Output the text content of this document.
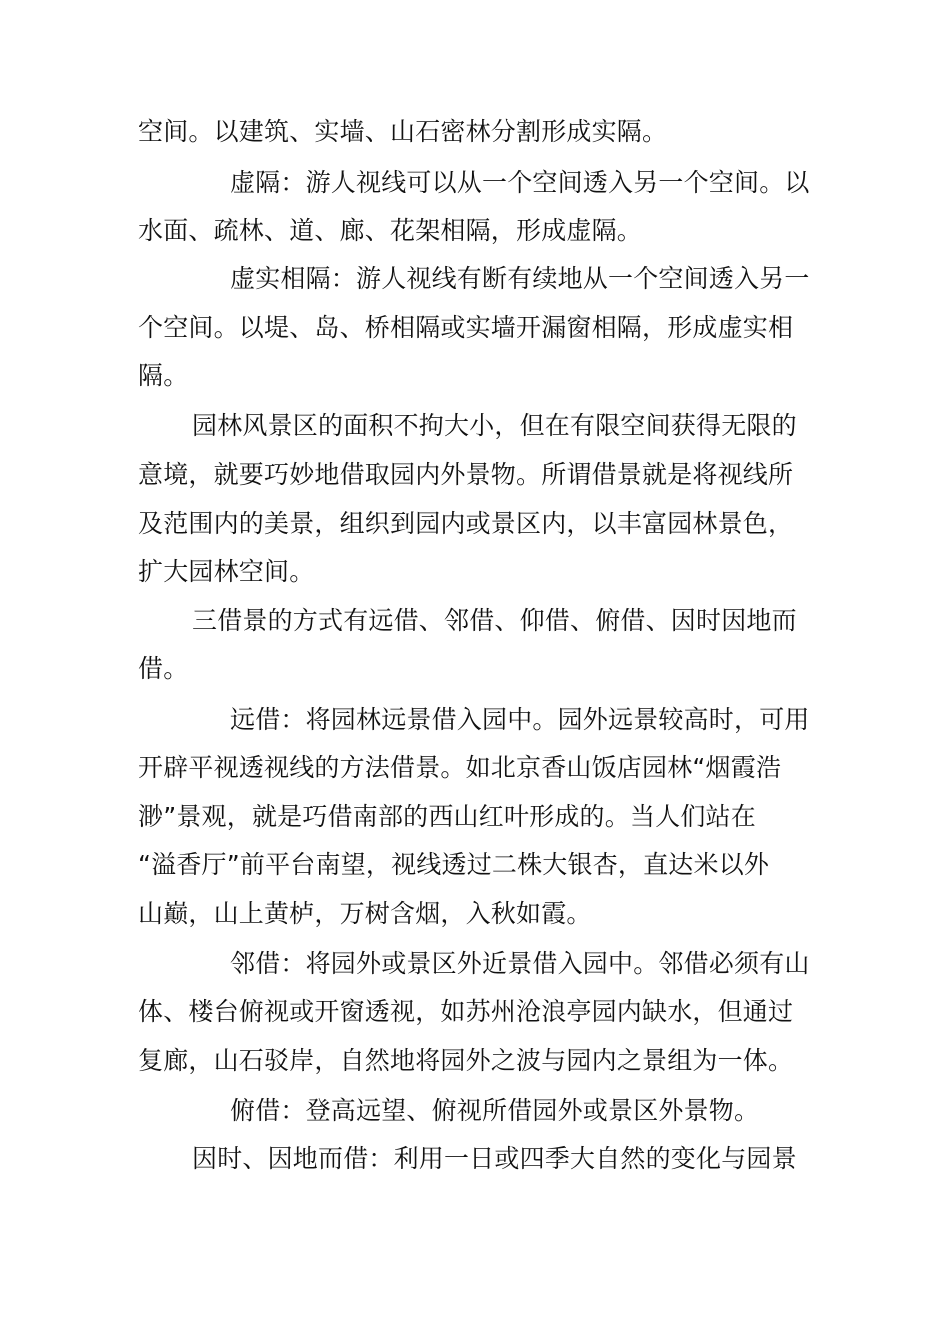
空间。以建筑、实墙、山石密林分割形成实隔。
虚隔：游人视线可以从一个空间透入另一个空间。以
水面、疏林、道、廊、花架相隔，形成虚隔。
虚实相隔：游人视线有断有续地从一个空间透入另一
个空间。以堤、岛、桥相隔或实墙开漏窗相隔，形成虚实相
隔。
园林风景区的面积不拘大小，但在有限空间获得无限的
意境，就要巧妙地借取园内外景物。所谓借景就是将视线所
及范围内的美景，组织到园内或景区内，以丰富园林景色，
扩大园林空间。
三借景的方式有远借、邻借、仰借、俯借、因时因地而
借。
远借：将园林远景借入园中。园外远景较高时，可用
开辟平视透视线的方法借景。如北京香山饭店园林“烟霞浩
渺”景观，就是巧借南部的西山红叶形成的。当人们站在
“溢香厅”前平台南望，视线透过二株大银杏，直达米以外
山巅，山上黄栌，万树含烟，入秋如霞。
邻借：将园外或景区外近景借入园中。邻借必须有山
体、楼台俯视或开窗透视，如苏州沧浪亭园内缺水，但通过
复廊，山石驳岸，自然地将园外之波与园内之景组为一体。
俯借：登高远望、俯视所借园外或景区外景物。
因时、因地而借：利用一日或四季大自然的变化与园景
